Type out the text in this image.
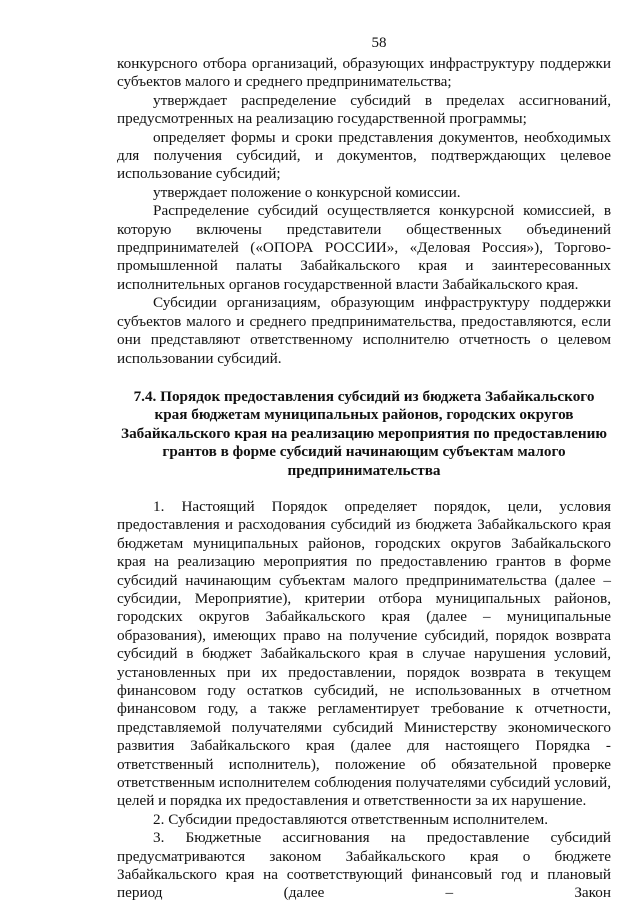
58

конкурсного отбора организаций, образующих инфраструктуру поддержки субъектов малого и среднего предпринимательства;

утверждает распределение субсидий в пределах ассигнований, предусмотренных на реализацию государственной программы;

определяет формы и сроки представления документов, необходимых для получения субсидий, и документов, подтверждающих целевое использование субсидий;

утверждает положение о конкурсной комиссии.

Распределение субсидий осуществляется конкурсной комиссией, в которую включены представители общественных объединений предпринимателей («ОПОРА РОССИИ», «Деловая Россия»), Торгово-промышленной палаты Забайкальского края и заинтересованных исполнительных органов государственной власти Забайкальского края.

Субсидии организациям, образующим инфраструктуру поддержки субъектов малого и среднего предпринимательства, предоставляются, если они представляют ответственному исполнителю отчетность о целевом использовании субсидий.

7.4. Порядок предоставления субсидий из бюджета Забайкальского края бюджетам муниципальных районов, городских округов Забайкальского края на реализацию мероприятия по предоставлению грантов в форме субсидий начинающим субъектам малого предпринимательства

1. Настоящий Порядок определяет порядок, цели, условия предоставления и расходования субсидий из бюджета Забайкальского края бюджетам муниципальных районов, городских округов Забайкальского края на реализацию мероприятия по предоставлению грантов в форме субсидий начинающим субъектам малого предпринимательства (далее – субсидии, Мероприятие), критерии отбора муниципальных районов, городских округов Забайкальского края (далее – муниципальные образования), имеющих право на получение субсидий, порядок возврата субсидий в бюджет Забайкальского края в случае нарушения условий, установленных при их предоставлении, порядок возврата в текущем финансовом году остатков субсидий, не использованных в отчетном финансовом году, а также регламентирует требование к отчетности, представляемой получателями субсидий Министерству экономического развития Забайкальского края (далее для настоящего Порядка - ответственный исполнитель), положение об обязательной проверке ответственным исполнителем соблюдения получателями субсидий условий, целей и порядка их предоставления и ответственности за их нарушение.

2. Субсидии предоставляются ответственным исполнителем.

3. Бюджетные ассигнования на предоставление субсидий предусматриваются законом Забайкальского края о бюджете Забайкальского края на соответствующий финансовый год и плановый период (далее – Закон
